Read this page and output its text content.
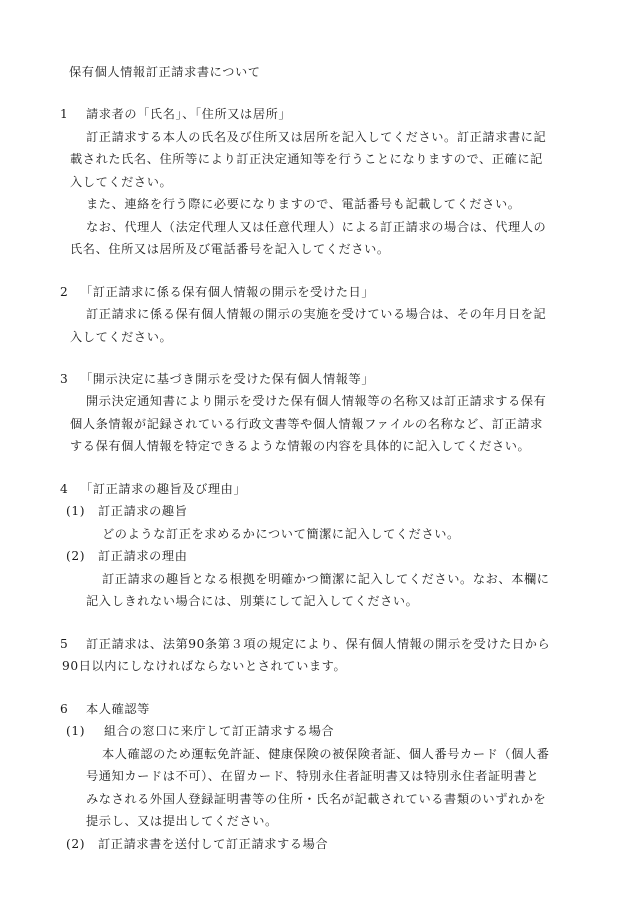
保有個人情報訂正請求書について
1 請求者の「氏名」、「住所又は居所」
訂正請求する本人の氏名及び住所又は居所を記入してください。訂正請求書に記
載された氏名、住所等により訂正決定通知等を行うことになりますので、正確に記
入してください。
また、連絡を行う際に必要になりますので、電話番号も記載してください。
なお、代理人（法定代理人又は任意代理人）による訂正請求の場合は、代理人の
氏名、住所又は居所及び電話番号を記入してください。
2 「訂正請求に係る保有個人情報の開示を受けた日」
訂正請求に係る保有個人情報の開示の実施を受けている場合は、その年月日を記
入してください。
3 「開示決定に基づき開示を受けた保有個人情報等」
開示決定通知書により開示を受けた保有個人情報等の名称又は訂正請求する保有
個人条情報が記録されている行政文書等や個人情報ファイルの名称など、訂正請求
する保有個人情報を特定できるような情報の内容を具体的に記入してください。
4 「訂正請求の趣旨及び理由」
(1) 訂正請求の趣旨
どのような訂正を求めるかについて簡潔に記入してください。
(2) 訂正請求の理由
訂正請求の趣旨となる根拠を明確かつ簡潔に記入してください。なお、本欄に
記入しきれない場合には、別葉にして記入してください。
5 訂正請求は、法第90条第３項の規定により、保有個人情報の開示を受けた日から
90日以内にしなければならないとされています。
6 本人確認等
(1) 組合の窓口に来庁して訂正請求する場合
本人確認のため運転免許証、健康保険の被保険者証、個人番号カード（個人番
号通知カードは不可）、在留カード、特別永住者証明書又は特別永住者証明書と
みなされる外国人登録証明書等の住所・氏名が記載されている書類のいずれかを
提示し、又は提出してください。
(2) 訂正請求書を送付して訂正請求する場合
